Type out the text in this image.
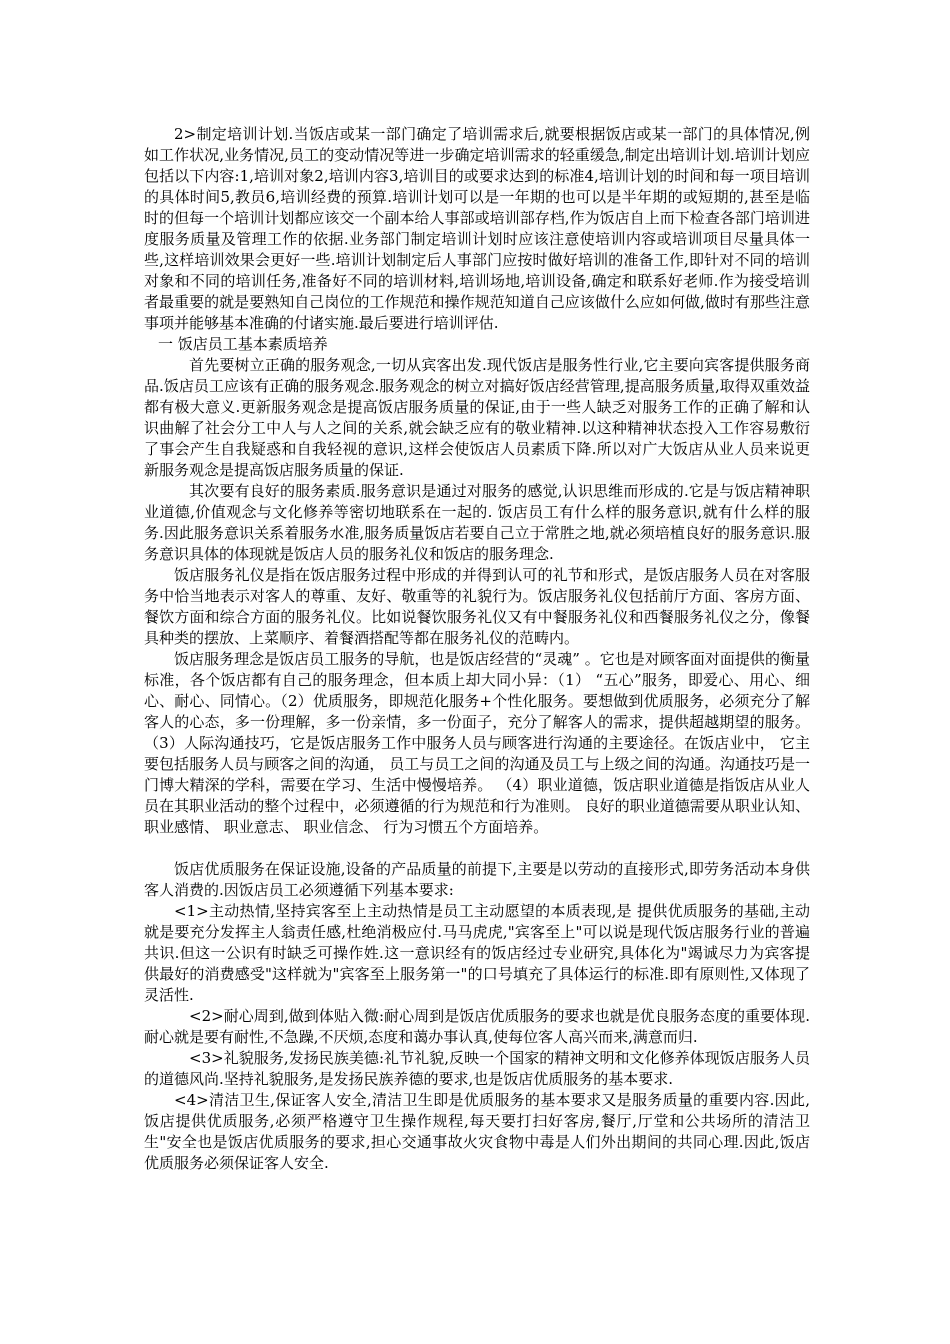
2>制定培训计划.当饭店或某一部门确定了培训需求后,就要根据饭店或某一部门的具体情况,例如工作状况,业务情况,员工的变动情况等进一步确定培训需求的轻重缓急,制定出培训计划.培训计划应包括以下内容:1,培训对象2,培训内容3,培训目的或要求达到的标准4,培训计划的时间和每一项目培训的具体时间5,教员6,培训经费的预算.培训计划可以是一年期的也可以是半年期的或短期的,甚至是临时的但每一个培训计划都应该交一个副本给人事部或培训部存档,作为饭店自上而下检查各部门培训进度服务质量及管理工作的依据.业务部门制定培训计划时应该注意使培训内容或培训项目尽量具体一些,这样培训效果会更好一些.培训计划制定后人事部门应按时做好培训的准备工作,即针对不同的培训对象和不同的培训任务,准备好不同的培训材料,培训场地,培训设备,确定和联系好老师.作为接受培训者最重要的就是要熟知自己岗位的工作规范和操作规范知道自己应该做什么应如何做,做时有那些注意事项并能够基本准确的付诸实施.最后要进行培训评估.

一 饭店员工基本素质培养

首先要树立正确的服务观念,一切从宾客出发.现代饭店是服务性行业,它主要向宾客提供服务商品.饭店员工应该有正确的服务观念.服务观念的树立对搞好饭店经营管理,提高服务质量,取得双重效益都有极大意义.更新服务观念是提高饭店服务质量的保证,由于一些人缺乏对服务工作的正确了解和认识曲解了社会分工中人与人之间的关系,就会缺乏应有的敬业精神.以这种精神状态投入工作容易敷衍了事会产生自我疑惑和自我轻视的意识,这样会使饭店人员素质下降.所以对广大饭店从业人员来说更新服务观念是提高饭店服务质量的保证.

其次要有良好的服务素质.服务意识是通过对服务的感觉,认识思维而形成的.它是与饭店精神职业道德,价值观念与文化修养等密切地联系在一起的. 饭店员工有什么样的服务意识,就有什么样的服务.因此服务意识关系着服务水准,服务质量饭店若要自己立于常胜之地,就必须培植良好的服务意识.服务意识具体的体现就是饭店人员的服务礼仪和饭店的服务理念.

饭店服务礼仪是指在饭店服务过程中形成的并得到认可的礼节和形式，是饭店服务人员在对客服务中恰当地表示对客人的尊重、友好、敬重等的礼貌行为。饭店服务礼仪包括前厅方面、客房方面、餐饮方面和综合方面的服务礼仪。比如说餐饮服务礼仪又有中餐服务礼仪和西餐服务礼仪之分，像餐具种类的摆放、上菜顺序、着餐酒搭配等都在服务礼仪的范畴内。

饭店服务理念是饭店员工服务的导航，也是饭店经营的“灵魂” 。它也是对顾客面对面提供的衡量标准，各个饭店都有自己的服务理念，但本质上却大同小异：（1） “五心”服务，即爱心、用心、细心、耐心、同情心。（2）优质服务，即规范化服务+个性化服务。要想做到优质服务，必须充分了解客人的心态，多一份理解，多一份亲情，多一份面子，充分了解客人的需求，提供超越期望的服务。 （3）人际沟通技巧，它是饭店服务工作中服务人员与顾客进行沟通的主要途径。在饭店业中， 它主要包括服务人员与顾客之间的沟通， 员工与员工之间的沟通及员工与上级之间的沟通。沟通技巧是一门博大精深的学科，需要在学习、生活中慢慢培养。 （4）职业道德，饭店职业道德是指饭店从业人员在其职业活动的整个过程中，必须遵循的行为规范和行为准则。 良好的职业道德需要从职业认知、 职业感情、 职业意志、 职业信念、 行为习惯五个方面培养。

饭店优质服务在保证设施,设备的产品质量的前提下,主要是以劳动的直接形式,即劳务活动本身供客人消费的.因饭店员工必须遵循下列基本要求:

<1>主动热情,坚持宾客至上主动热情是员工主动愿望的本质表现,是 提供优质服务的基础,主动就是要充分发挥主人翁责任感,杜绝消极应付.马马虎虎,"宾客至上"可以说是现代饭店服务行业的普遍共识.但这一公识有时缺乏可操作姓.这一意识经有的饭店经过专业研究,具体化为"竭诚尽力为宾客提供最好的消费感受"这样就为"宾客至上服务第一"的口号填充了具体运行的标准.即有原则性,又体现了灵活性.

<2>耐心周到,做到体贴入微:耐心周到是饭店优质服务的要求也就是优良服务态度的重要体现.耐心就是要有耐性,不急躁,不厌烦,态度和蔼办事认真,使每位客人高兴而来,满意而归.

<3>礼貌服务,发扬民族美德:礼节礼貌,反映一个国家的精神文明和文化修养体现饭店服务人员的道德风尚.坚持礼貌服务,是发扬民族养德的要求,也是饭店优质服务的基本要求.

<4>清洁卫生,保证客人安全,清洁卫生即是优质服务的基本要求又是服务质量的重要内容.因此,饭店提供优质服务,必须严格遵守卫生操作规程,每天要打扫好客房,餐厅,厅堂和公共场所的清洁卫生"安全也是饭店优质服务的要求,担心交通事故火灾食物中毒是人们外出期间的共同心理.因此,饭店优质服务必须保证客人安全.
